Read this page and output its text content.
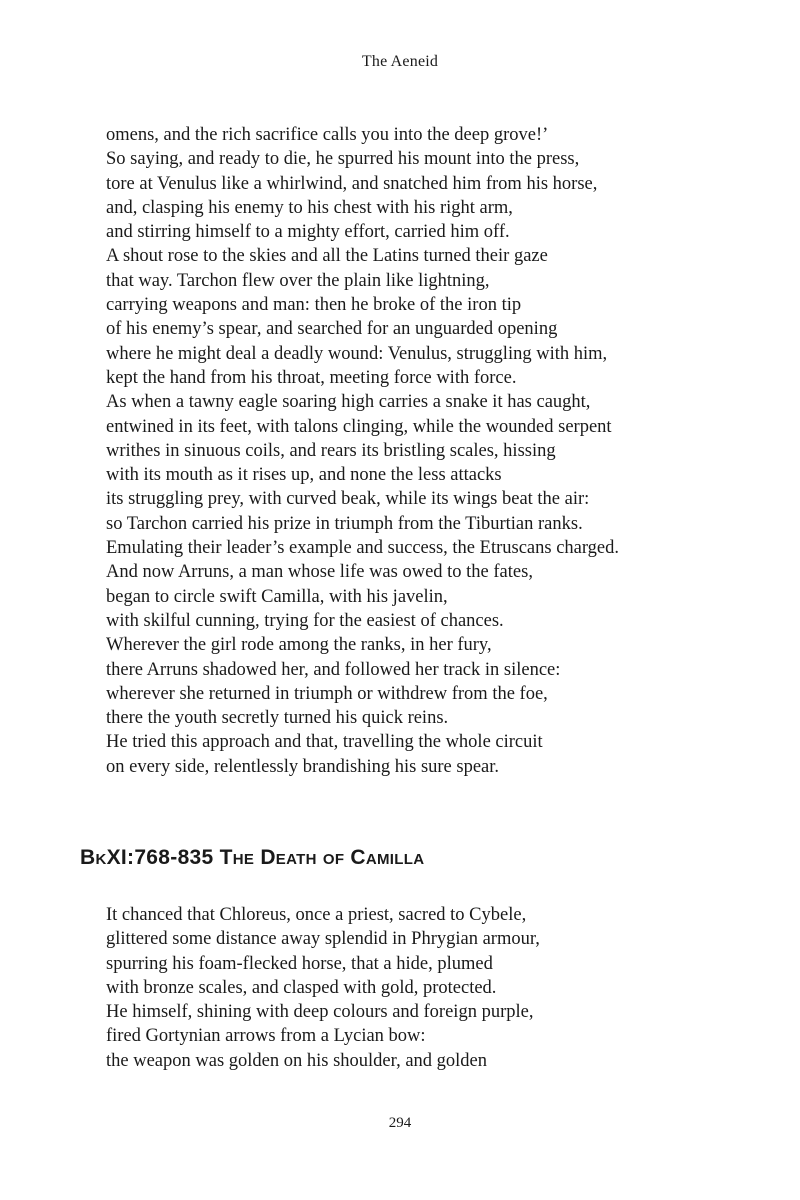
The Aeneid
omens, and the rich sacrifice calls you into the deep grove!’
So saying, and ready to die, he spurred his mount into the press,
tore at Venulus like a whirlwind, and snatched him from his horse,
and, clasping his enemy to his chest with his right arm,
and stirring himself to a mighty effort, carried him off.
A shout rose to the skies and all the Latins turned their gaze
that way. Tarchon flew over the plain like lightning,
carrying weapons and man: then he broke of the iron tip
of his enemy’s spear, and searched for an unguarded opening
where he might deal a deadly wound: Venulus, struggling with him,
kept the hand from his throat, meeting force with force.
As when a tawny eagle soaring high carries a snake it has caught,
entwined in its feet, with talons clinging, while the wounded serpent
writhes in sinuous coils, and rears its bristling scales, hissing
with its mouth as it rises up, and none the less attacks
its struggling prey, with curved beak, while its wings beat the air:
so Tarchon carried his prize in triumph from the Tiburtian ranks.
Emulating their leader’s example and success, the Etruscans charged.
And now Arruns, a man whose life was owed to the fates,
began to circle swift Camilla, with his javelin,
with skilful cunning, trying for the easiest of chances.
Wherever the girl rode among the ranks, in her fury,
there Arruns shadowed her, and followed her track in silence:
wherever she returned in triumph or withdrew from the foe,
there the youth secretly turned his quick reins.
He tried this approach and that, travelling the whole circuit
on every side, relentlessly brandishing his sure spear.
BkXI:768-835 The Death of Camilla
It chanced that Chloreus, once a priest, sacred to Cybele,
glittered some distance away splendid in Phrygian armour,
spurring his foam-flecked horse, that a hide, plumed
with bronze scales, and clasped with gold, protected.
He himself, shining with deep colours and foreign purple,
fired Gortynian arrows from a Lycian bow:
the weapon was golden on his shoulder, and golden
294
